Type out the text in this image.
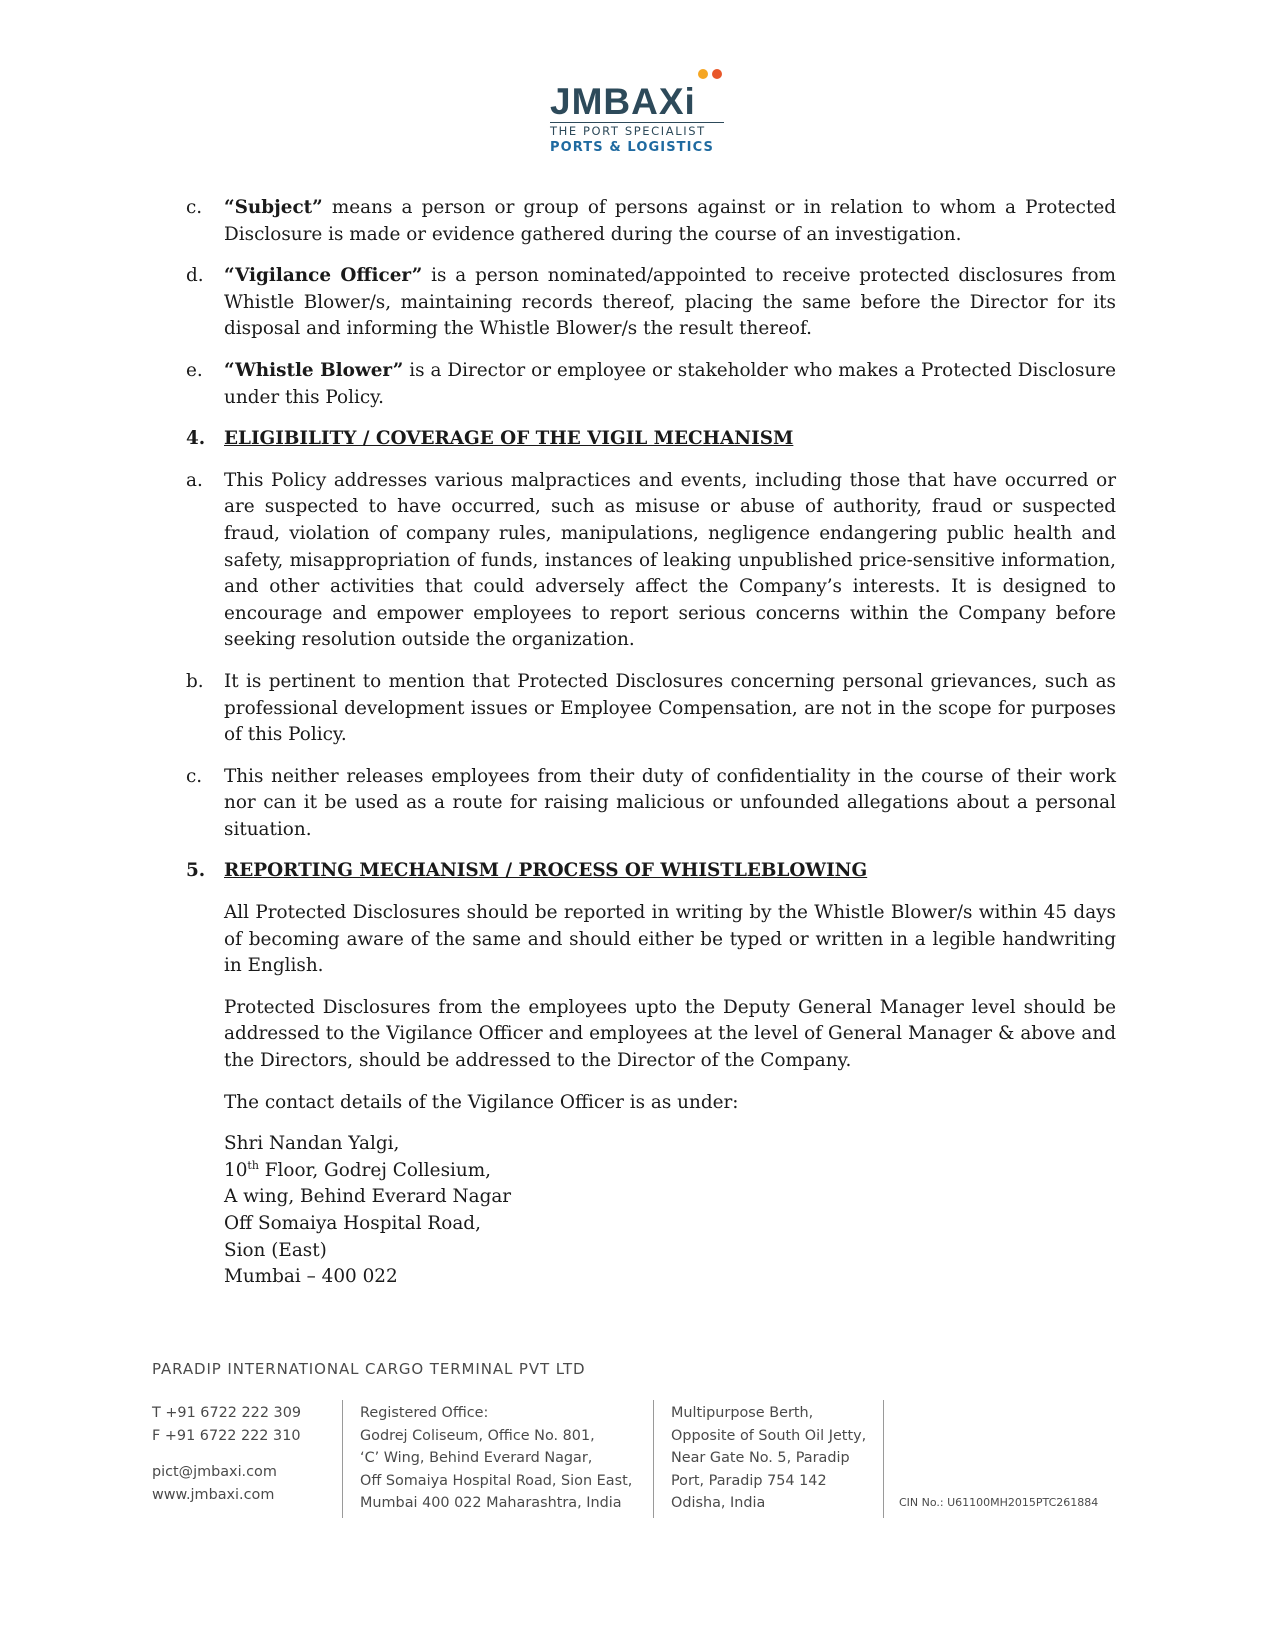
JMBAXi
THE PORT SPECIALIST
PORTS & LOGISTICS
c. “Subject” means a person or group of persons against or in relation to whom a Protected Disclosure is made or evidence gathered during the course of an investigation.
d. “Vigilance Officer” is a person nominated/appointed to receive protected disclosures from Whistle Blower/s, maintaining records thereof, placing the same before the Director for its disposal and informing the Whistle Blower/s the result thereof.
e. “Whistle Blower” is a Director or employee or stakeholder who makes a Protected Disclosure under this Policy.
4. ELIGIBILITY / COVERAGE OF THE VIGIL MECHANISM
a. This Policy addresses various malpractices and events, including those that have occurred or are suspected to have occurred, such as misuse or abuse of authority, fraud or suspected fraud, violation of company rules, manipulations, negligence endangering public health and safety, misappropriation of funds, instances of leaking unpublished price-sensitive information, and other activities that could adversely affect the Company’s interests. It is designed to encourage and empower employees to report serious concerns within the Company before seeking resolution outside the organization.
b. It is pertinent to mention that Protected Disclosures concerning personal grievances, such as professional development issues or Employee Compensation, are not in the scope for purposes of this Policy.
c. This neither releases employees from their duty of confidentiality in the course of their work nor can it be used as a route for raising malicious or unfounded allegations about a personal situation.
5. REPORTING MECHANISM / PROCESS OF WHISTLEBLOWING
All Protected Disclosures should be reported in writing by the Whistle Blower/s within 45 days of becoming aware of the same and should either be typed or written in a legible handwriting in English.
Protected Disclosures from the employees upto the Deputy General Manager level should be addressed to the Vigilance Officer and employees at the level of General Manager & above and the Directors, should be addressed to the Director of the Company.
The contact details of the Vigilance Officer is as under:
Shri Nandan Yalgi,
10th Floor, Godrej Collesium,
A wing, Behind Everard Nagar
Off Somaiya Hospital Road,
Sion (East)
Mumbai – 400 022
PARADIP INTERNATIONAL CARGO TERMINAL PVT LTD
T +91 6722 222 309
F +91 6722 222 310
pict@jmbaxi.com
www.jmbaxi.com
Registered Office:
Godrej Coliseum, Office No. 801,
‘C’ Wing, Behind Everard Nagar,
Off Somaiya Hospital Road, Sion East,
Mumbai 400 022 Maharashtra, India
Multipurpose Berth,
Opposite of South Oil Jetty,
Near Gate No. 5, Paradip
Port, Paradip 754 142
Odisha, India	CIN No.: U61100MH2015PTC261884
